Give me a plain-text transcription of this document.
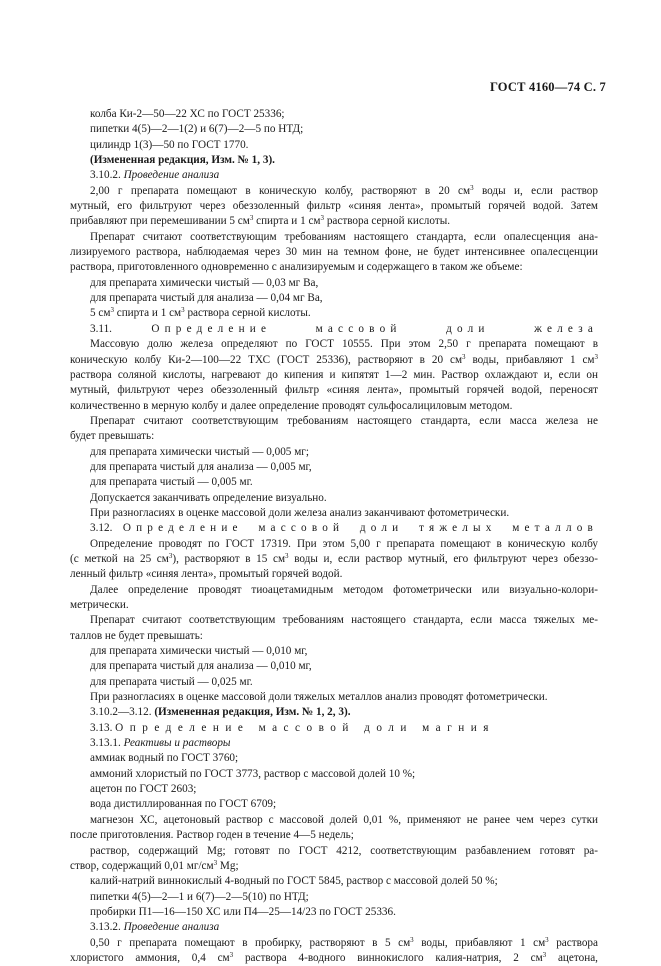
ГОСТ 4160—74 С. 7
колба Ки-2—50—22 ХС по ГОСТ 25336;
пипетки 4(5)—2—1(2) и 6(7)—2—5 по НТД;
цилиндр 1(3)—50 по ГОСТ 1770.
(Измененная редакция, Изм. № 1, 3).
3.10.2. Проведение анализа
2,00 г препарата помещают в коническую колбу, растворяют в 20 $см^3$ воды и, если раствор
мутный, его фильтруют через обеззоленный фильтр «синяя лента», промытый горячей водой. Затем
прибавляют при перемешивании 5 $см^3$ спирта и 1 $см^3$ раствора серной кислоты.
Препарат считают соответствующим требованиям настоящего стандарта, если опалесценция ана-
лизируемого раствора, наблюдаемая через 30 мин на темном фоне, не будет интенсивнее опалесценции
раствора, приготовленного одновременно с анализируемым и содержащего в таком же объеме:
для препарата химически чистый — 0,03 мг Ва,
для препарата чистый для анализа — 0,04 мг Ва,
5 $см^3$ спирта и 1 $см^3$ раствора серной кислоты.
3.11. Определение массовой доли железа
Массовую долю железа определяют по ГОСТ 10555. При этом 2,50 г препарата помещают в
коническую колбу Ки-2—100—22 ТХС (ГОСТ 25336), растворяют в 20 $см^3$ воды, прибавляют 1 $см^3$
раствора соляной кислоты, нагревают до кипения и кипятят 1—2 мин. Раствор охлаждают и, если он
мутный, фильтруют через обеззоленный фильтр «синяя лента», промытый горячей водой, переносят
количественно в мерную колбу и далее определение проводят сульфосалициловым методом.
Препарат считают соответствующим требованиям настоящего стандарта, если масса железа не
будет превышать:
для препарата химически чистый — 0,005 мг;
для препарата чистый для анализа — 0,005 мг,
для препарата чистый — 0,005 мг.
Допускается заканчивать определение визуально.
При разногласиях в оценке массовой доли железа анализ заканчивают фотометрически.
3.12. Определение массовой доли тяжелых металлов
Определение проводят по ГОСТ 17319. При этом 5,00 г препарата помещают в коническую колбу
(с меткой на 25 $см^3$), растворяют в 15 $см^3$ воды и, если раствор мутный, его фильтруют через обеззо-
ленный фильтр «синяя лента», промытый горячей водой.
Далее определение проводят тиоацетамидным методом фотометрически или визуально-колори-
метрически.
Препарат считают соответствующим требованиям настоящего стандарта, если масса тяжелых ме-
таллов не будет превышать:
для препарата химически чистый — 0,010 мг,
для препарата чистый для анализа — 0,010 мг,
для препарата чистый — 0,025 мг.
При разногласиях в оценке массовой доли тяжелых металлов анализ проводят фотометрически.
3.10.2—3.12. (Измененная редакция, Изм. № 1, 2, 3).
3.13. Определение массовой доли магния
3.13.1. Реактивы и растворы
аммиак водный по ГОСТ 3760;
аммоний хлористый по ГОСТ 3773, раствор с массовой долей 10 %;
ацетон по ГОСТ 2603;
вода дистиллированная по ГОСТ 6709;
магнезон ХС, ацетоновый раствор с массовой долей 0,01 %, применяют не ранее чем через сутки
после приготовления. Раствор годен в течение 4—5 недель;
раствор, содержащий Mg; готовят по ГОСТ 4212, соответствующим разбавлением готовят ра-
створ, содержащий 0,01 $мг/см^3$ Mg;
калий-натрий виннокислый 4-водный по ГОСТ 5845, раствор с массовой долей 50 %;
пипетки 4(5)—2—1 и 6(7)—2—5(10) по НТД;
пробирки П1—16—150 ХС или П4—25—14/23 по ГОСТ 25336.
3.13.2. Проведение анализа
0,50 г препарата помещают в пробирку, растворяют в 5 $см^3$ воды, прибавляют 1 $см^3$ раствора
хлористого аммония, 0,4 $см^3$ раствора 4-водного виннокислого калия-натрия, 2 $см^3$ ацетона,
